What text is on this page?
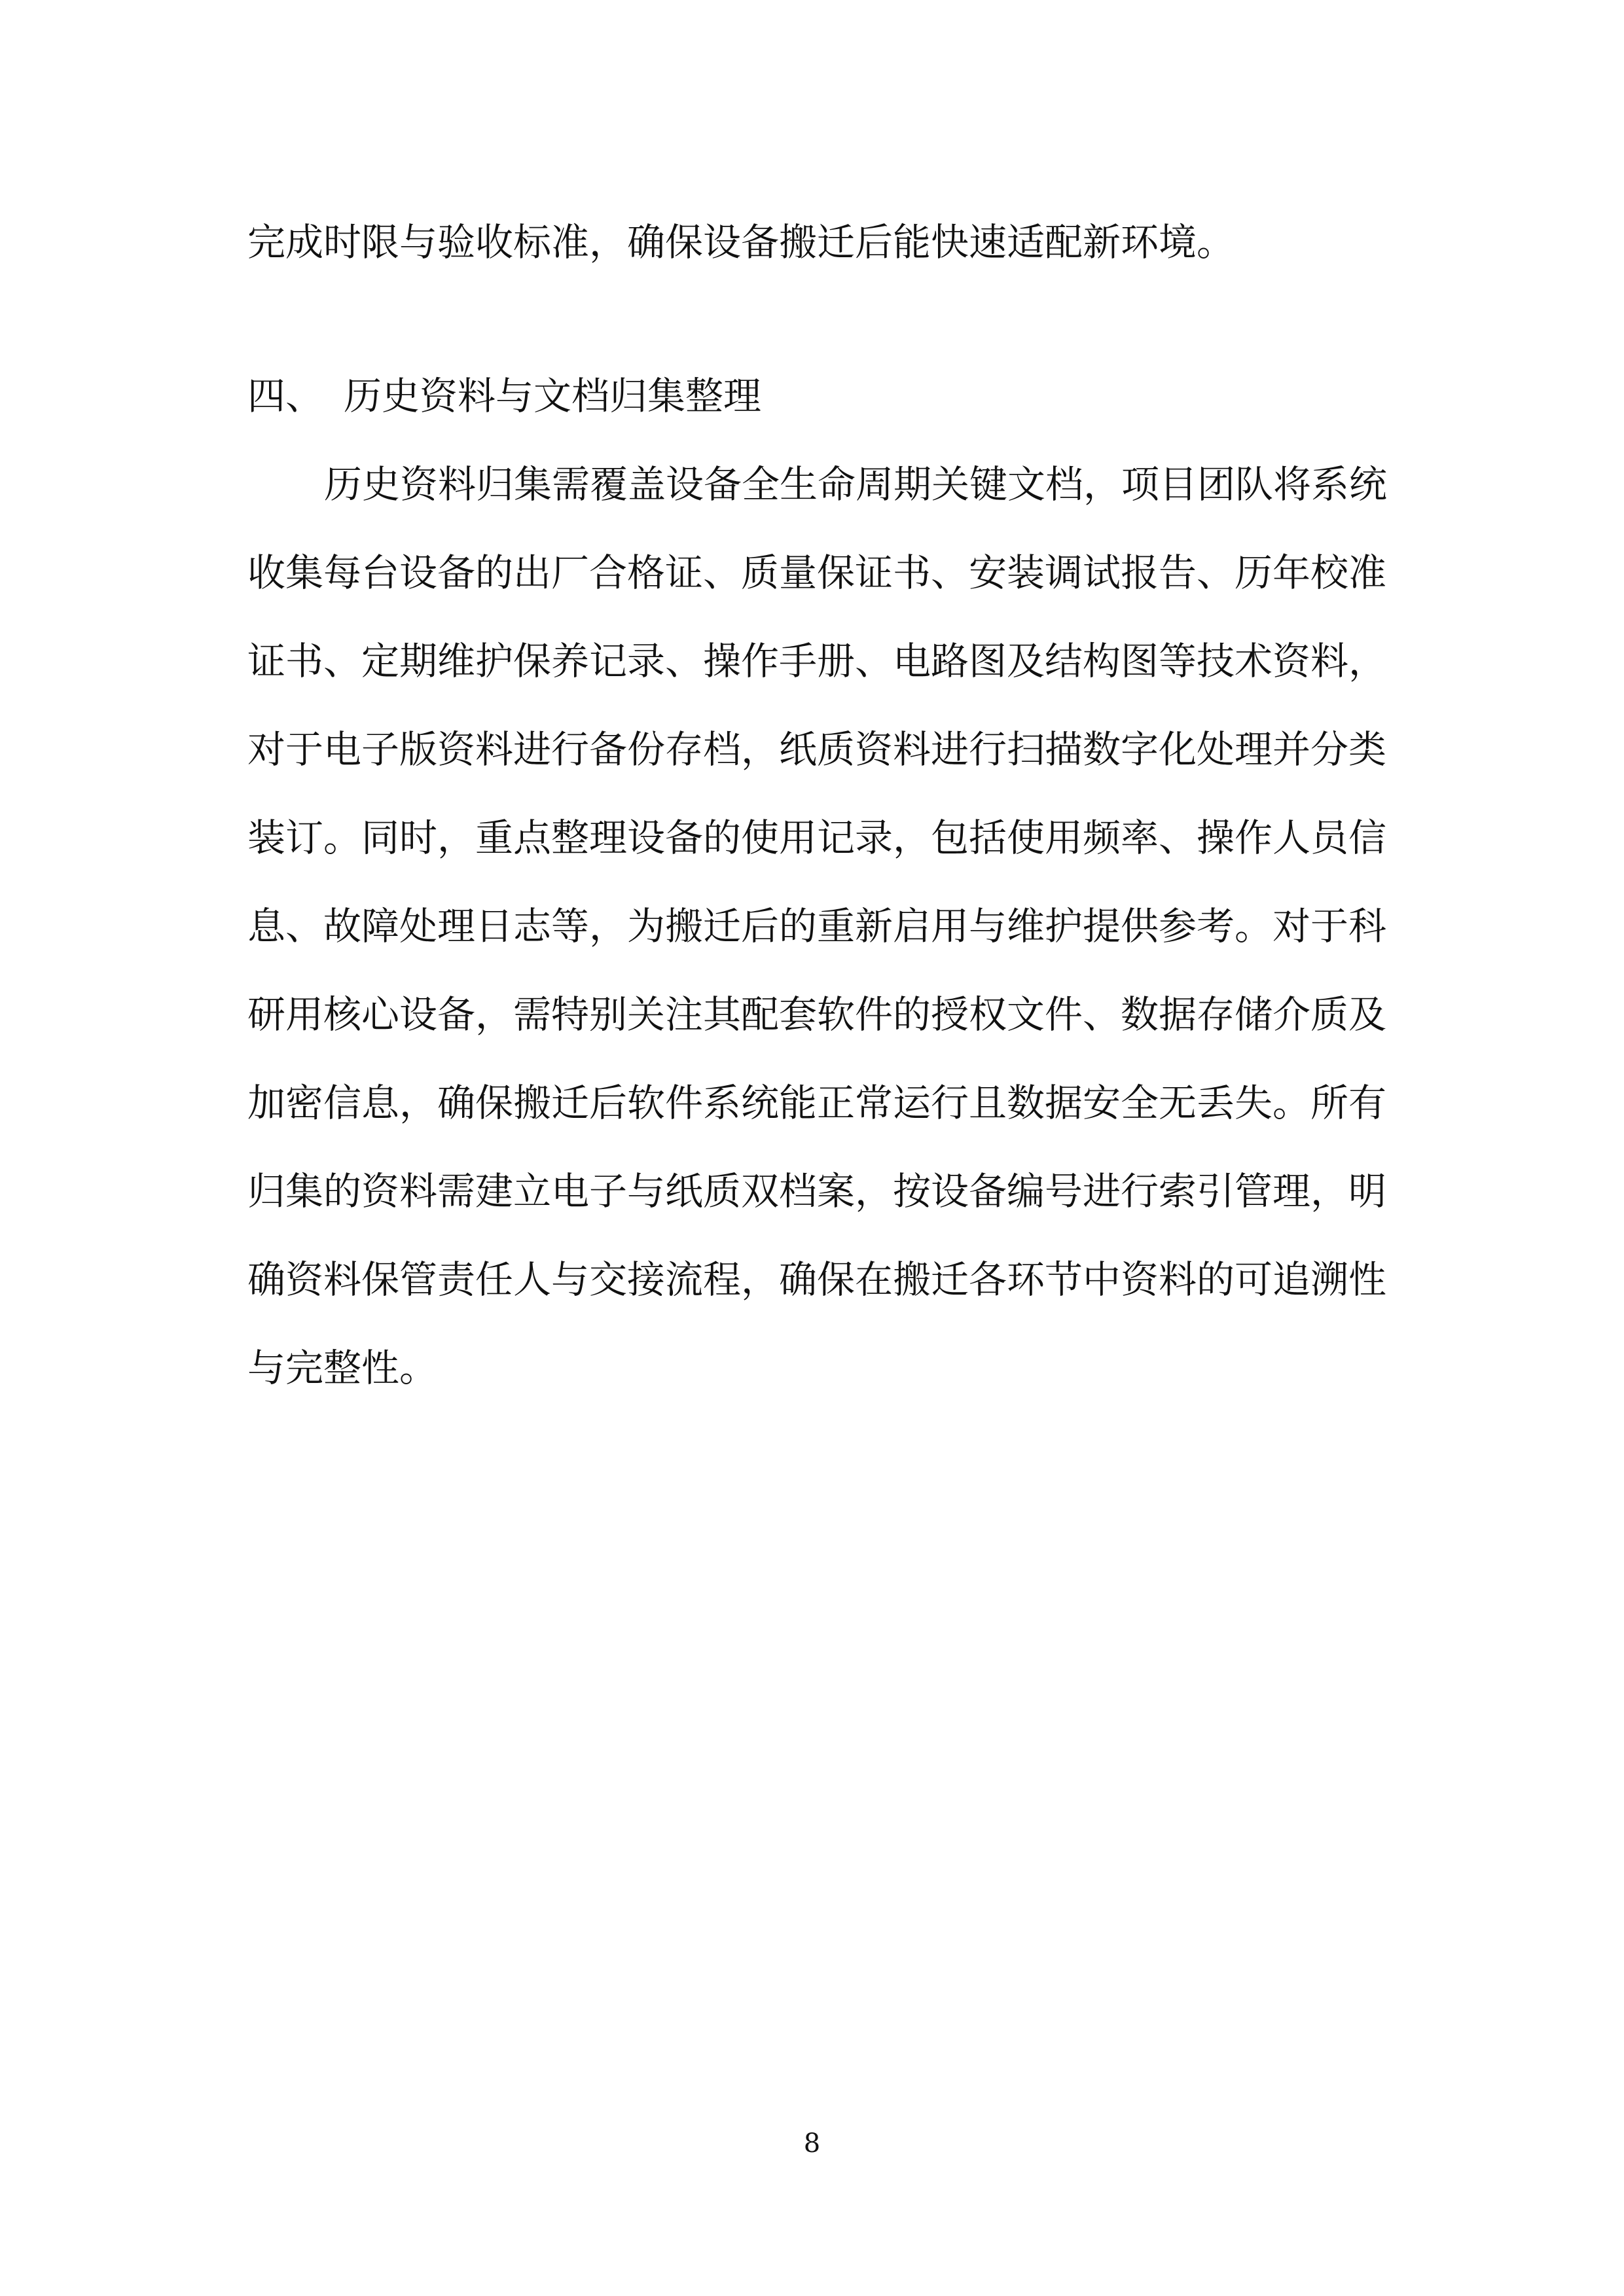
完成时限与验收标准，确保设备搬迁后能快速适配新环境。

四、 历史资料与文档归集整理

历史资料归集需覆盖设备全生命周期关键文档，项目团队将系统

收集每台设备的出厂合格证、质量保证书、安装调试报告、历年校准

证书、定期维护保养记录、操作手册、电路图及结构图等技术资料，

对于电子版资料进行备份存档，纸质资料进行扫描数字化处理并分类

装订。同时，重点整理设备的使用记录，包括使用频率、操作人员信

息、故障处理日志等，为搬迁后的重新启用与维护提供参考。对于科

研用核心设备，需特别关注其配套软件的授权文件、数据存储介质及

加密信息，确保搬迁后软件系统能正常运行且数据安全无丢失。所有

归集的资料需建立电子与纸质双档案，按设备编号进行索引管理，明

确资料保管责任人与交接流程，确保在搬迁各环节中资料的可追溯性

与完整性。

8
